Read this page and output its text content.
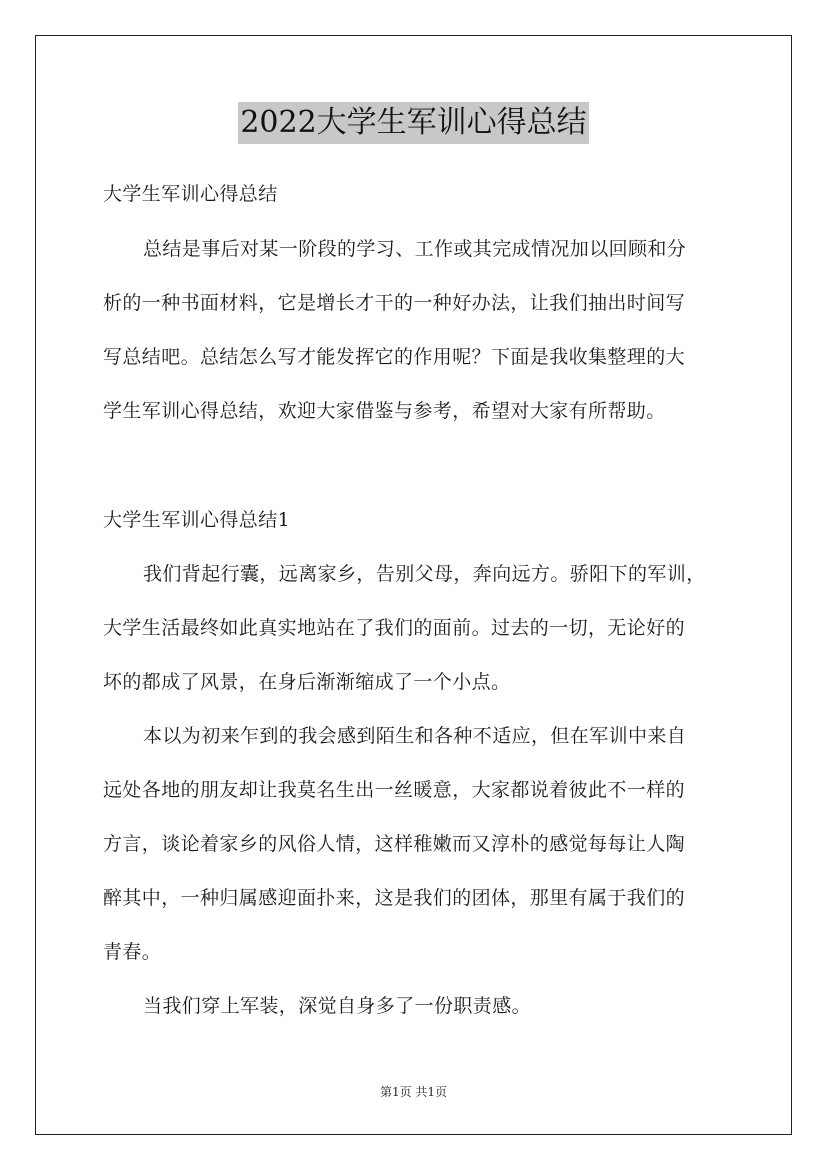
2022大学生军训心得总结
大学生军训心得总结
总结是事后对某一阶段的学习、工作或其完成情况加以回顾和分
析的一种书面材料，它是增长才干的一种好办法，让我们抽出时间写
写总结吧。总结怎么写才能发挥它的作用呢？下面是我收集整理的大
学生军训心得总结，欢迎大家借鉴与参考，希望对大家有所帮助。
大学生军训心得总结1
我们背起行囊，远离家乡，告别父母，奔向远方。骄阳下的军训，
大学生活最终如此真实地站在了我们的面前。过去的一切，无论好的
坏的都成了风景，在身后渐渐缩成了一个小点。
本以为初来乍到的我会感到陌生和各种不适应，但在军训中来自
远处各地的朋友却让我莫名生出一丝暖意，大家都说着彼此不一样的
方言，谈论着家乡的风俗人情，这样稚嫩而又淳朴的感觉每每让人陶
醉其中，一种归属感迎面扑来，这是我们的团体，那里有属于我们的
青春。
当我们穿上军装，深觉自身多了一份职责感。
第1页 共1页
